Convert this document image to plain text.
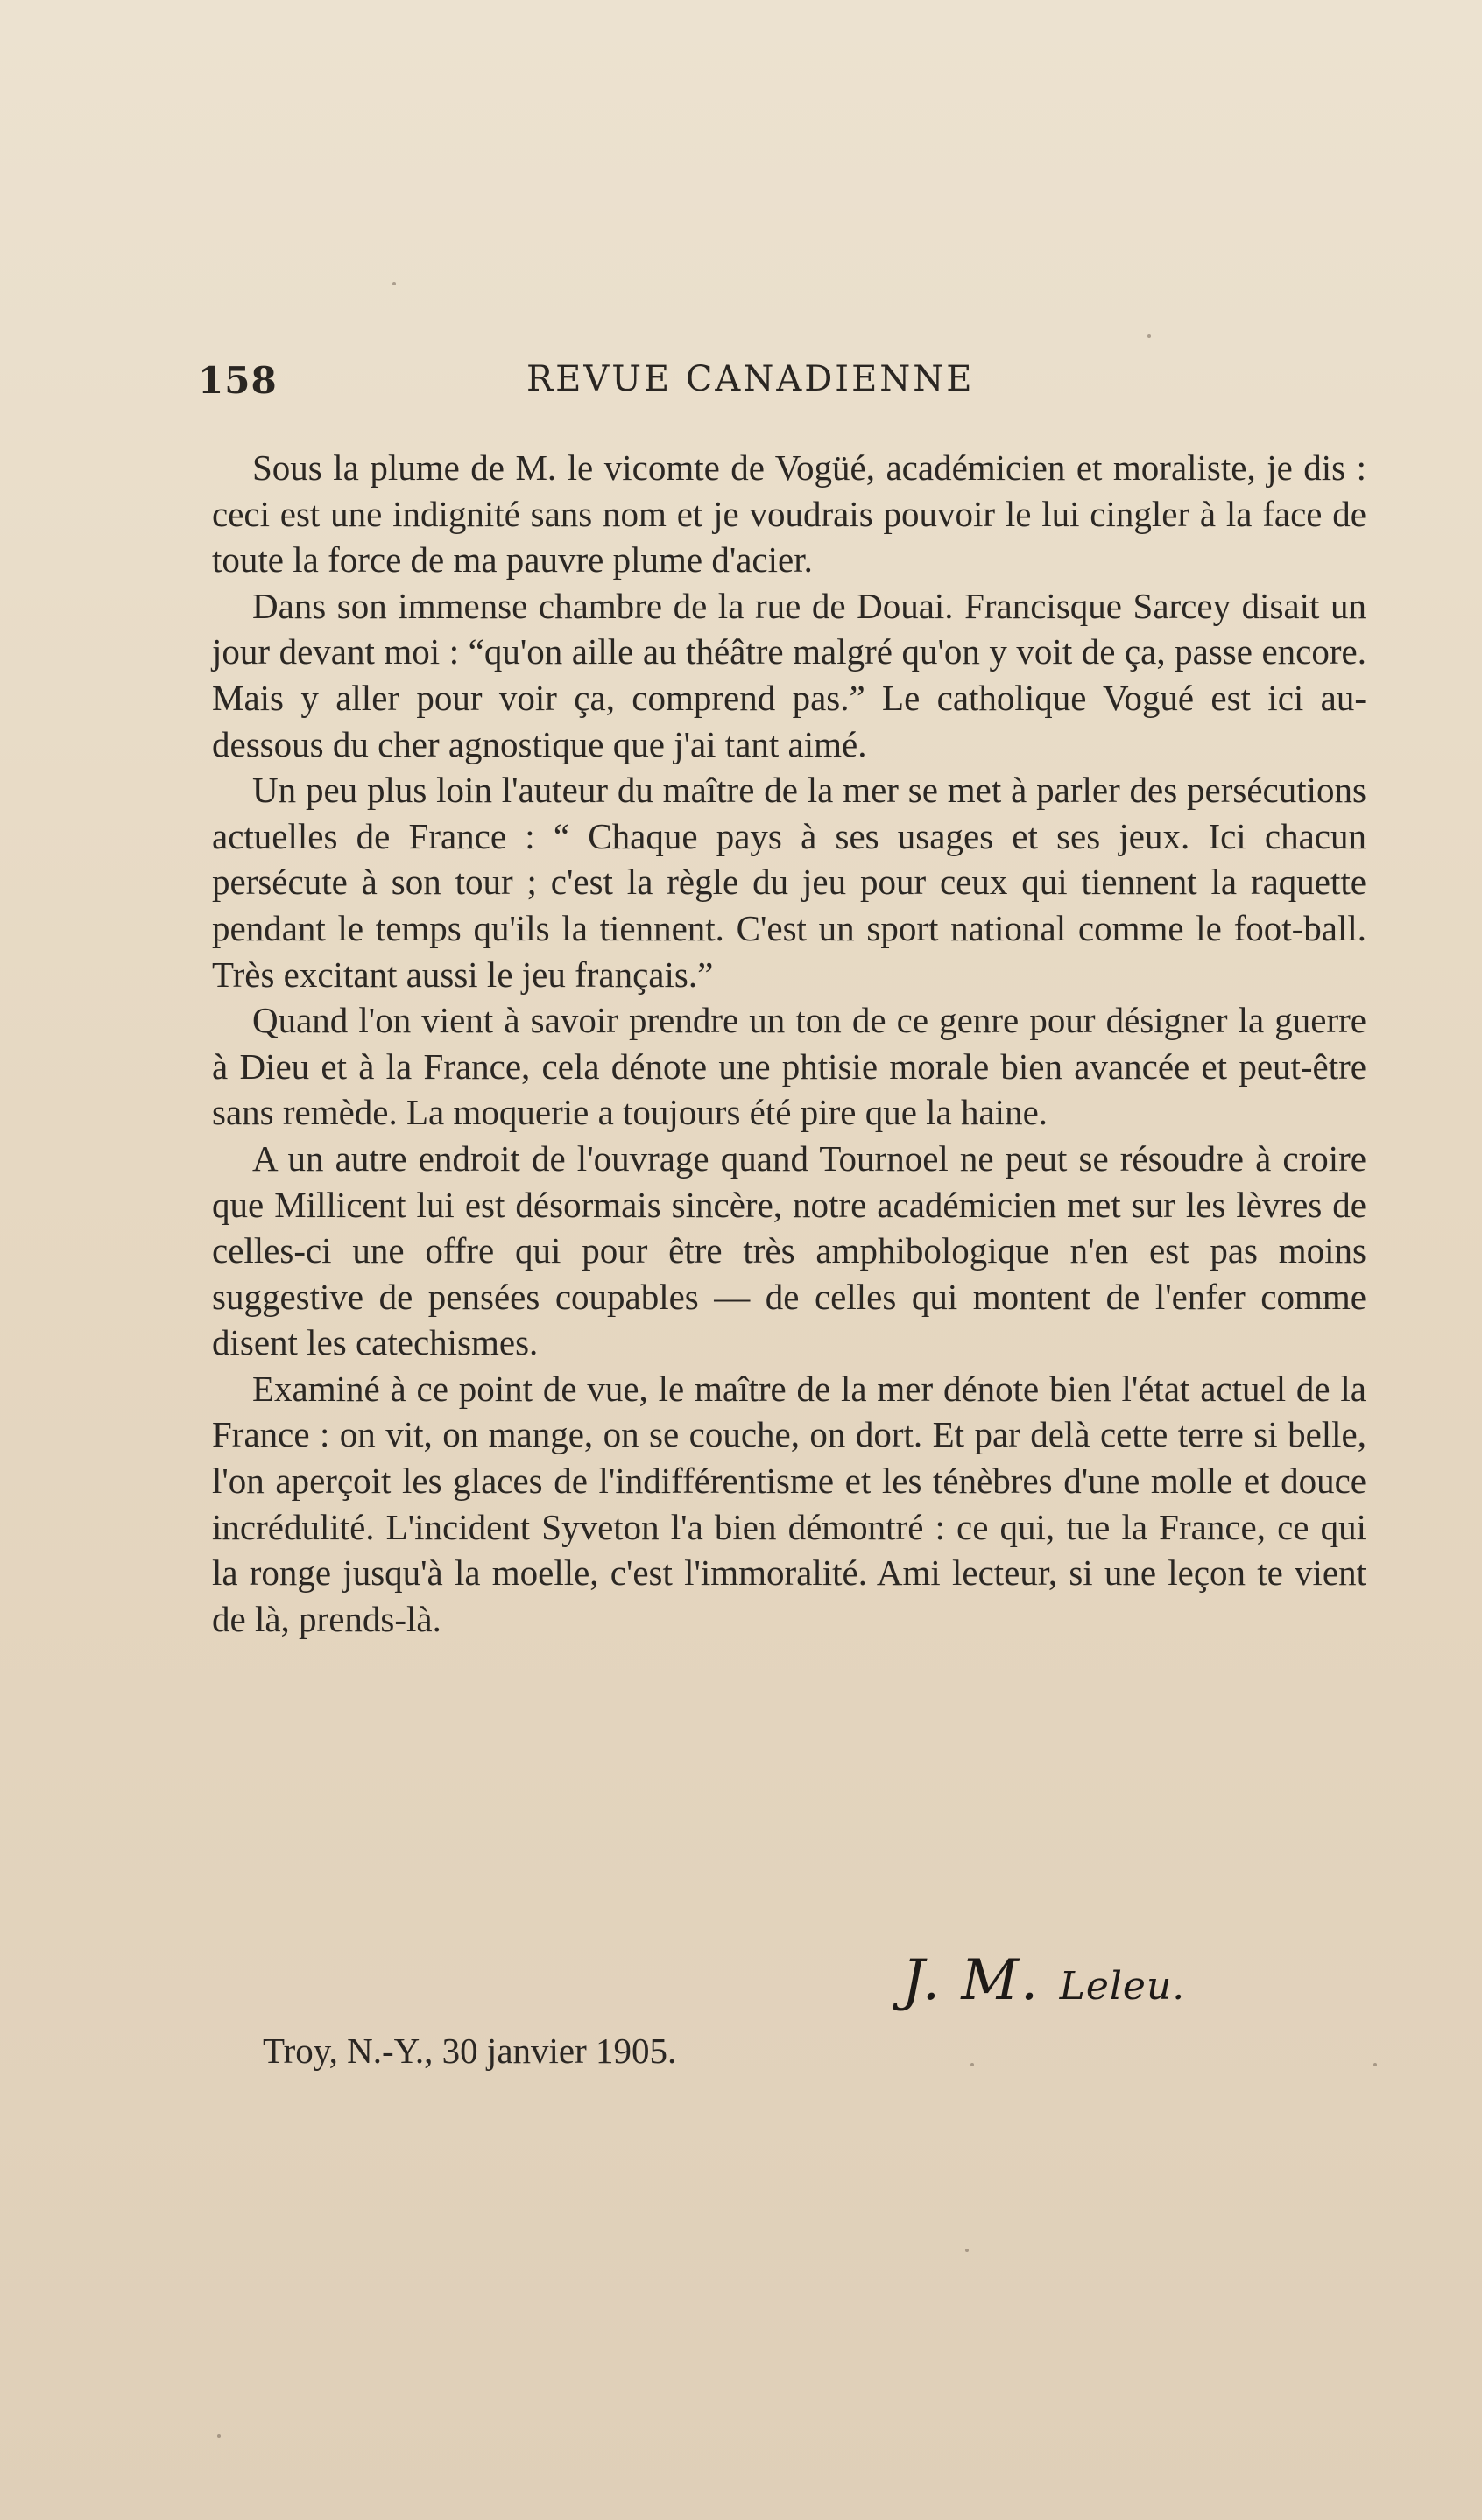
158	REVUE CANADIENNE

Sous la plume de M. le vicomte de Vogüé, académicien et moraliste, je dis : ceci est une indignité sans nom et je voudrais pouvoir le lui cingler à la face de toute la force de ma pauvre plume d'acier.

Dans son immense chambre de la rue de Douai. Francisque Sarcey disait un jour devant moi : “qu'on aille au théâtre malgré qu'on y voit de ça, passe encore. Mais y aller pour voir ça, comprend pas.” Le catholique Vogué est ici au-dessous du cher agnostique que j'ai tant aimé.

Un peu plus loin l'auteur du maître de la mer se met à parler des persécutions actuelles de France : “ Chaque pays à ses usages et ses jeux. Ici chacun persécute à son tour ; c'est la règle du jeu pour ceux qui tiennent la raquette pendant le temps qu'ils la tiennent. C'est un sport national comme le foot-ball. Très excitant aussi le jeu français.”

Quand l'on vient à savoir prendre un ton de ce genre pour désigner la guerre à Dieu et à la France, cela dénote une phtisie morale bien avancée et peut-être sans remède. La moquerie a toujours été pire que la haine.

A un autre endroit de l'ouvrage quand Tournoel ne peut se résoudre à croire que Millicent lui est désormais sincère, notre académicien met sur les lèvres de celles-ci une offre qui pour être très amphibologique n'en est pas moins suggestive de pensées coupables — de celles qui montent de l'enfer comme disent les catechismes.

Examiné à ce point de vue, le maître de la mer dénote bien l'état actuel de la France : on vit, on mange, on se couche, on dort. Et par delà cette terre si belle, l'on aperçoit les glaces de l'indifférentisme et les ténèbres d'une molle et douce incrédulité. L'incident Syveton l'a bien démontré : ce qui, tue la France, ce qui la ronge jusqu'à la moelle, c'est l'immoralité. Ami lecteur, si une leçon te vient de là, prends-là.

J. M. Leleu.
Troy, N.-Y., 30 janvier 1905.
